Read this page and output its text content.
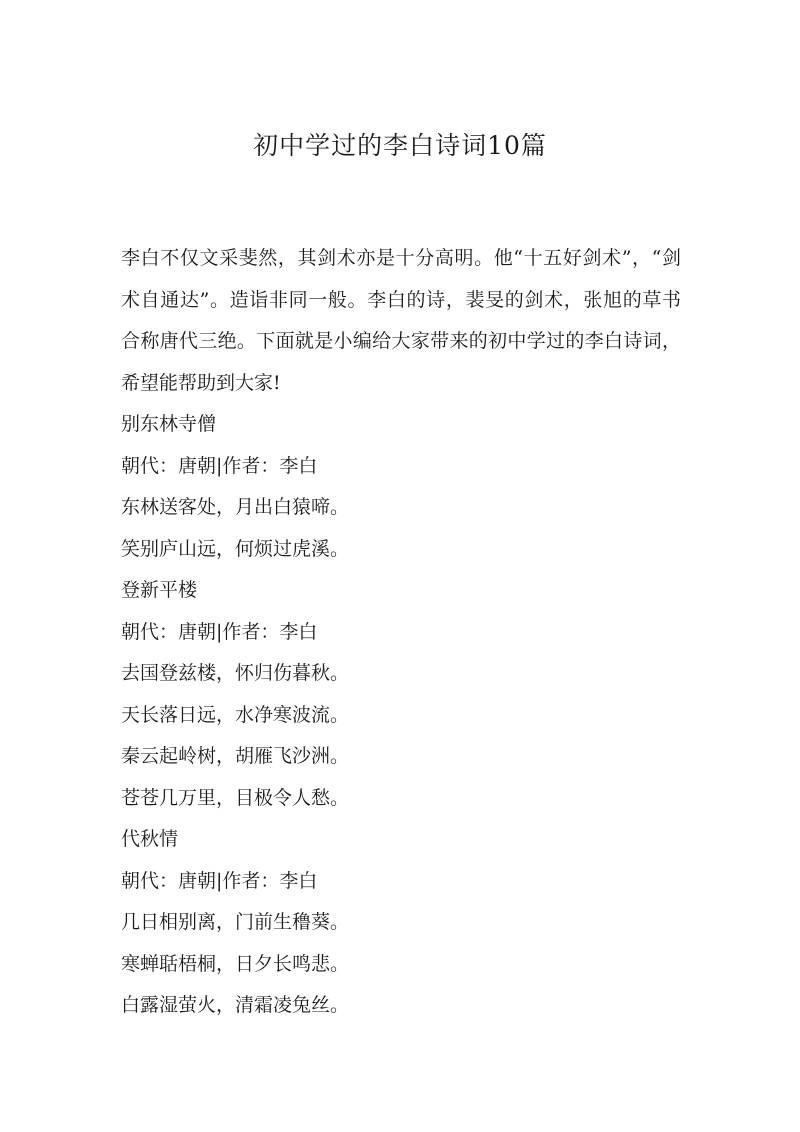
初中学过的李白诗词10篇

李白不仅文采斐然，其剑术亦是十分高明。他“十五好剑术”，“剑术自通达”。造诣非同一般。李白的诗，裴旻的剑术，张旭的草书合称唐代三绝。下面就是小编给大家带来的初中学过的李白诗词，希望能帮助到大家!

别东林寺僧
朝代：唐朝|作者：李白
东林送客处，月出白猿啼。
笑别庐山远，何烦过虎溪。
登新平楼
朝代：唐朝|作者：李白
去国登兹楼，怀归伤暮秋。
天长落日远，水净寒波流。
秦云起岭树，胡雁飞沙洲。
苍苍几万里，目极令人愁。
代秋情
朝代：唐朝|作者：李白
几日相别离，门前生穞葵。
寒蝉聒梧桐，日夕长鸣悲。
白露湿萤火，清霜凌兔丝。
